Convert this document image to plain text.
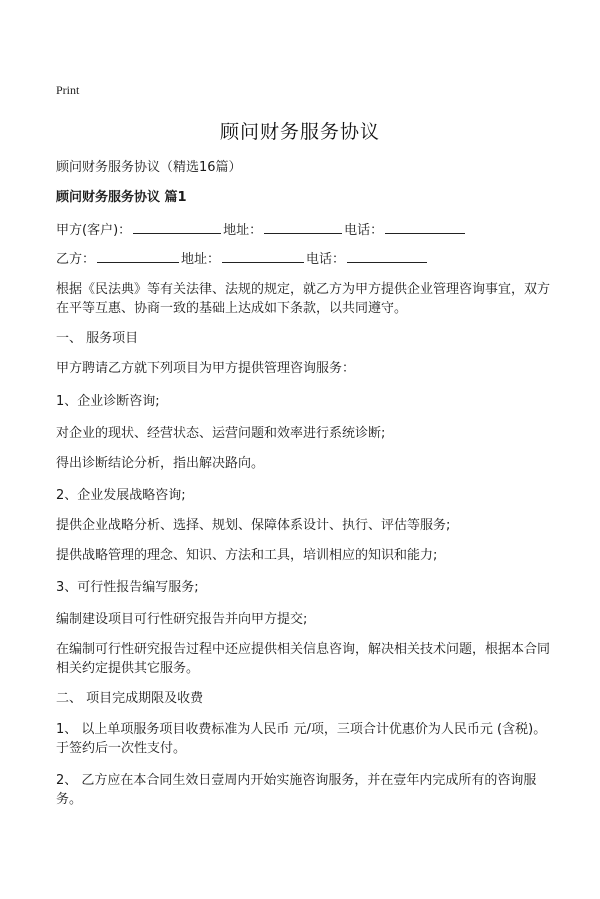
Print
顾问财务服务协议
顾问财务服务协议（精选16篇）
顾问财务服务协议 篇1
甲方(客户)：	地址：	电话：
乙方：	地址：	电话：
根据《民法典》等有关法律、法规的规定，就乙方为甲方提供企业管理咨询事宜，双方在平等互惠、协商一致的基础上达成如下条款，以共同遵守。
一、 服务项目
甲方聘请乙方就下列项目为甲方提供管理咨询服务：
1、企业诊断咨询;
对企业的现状、经营状态、运营问题和效率进行系统诊断;
得出诊断结论分析，指出解决路向。
2、企业发展战略咨询;
提供企业战略分析、选择、规划、保障体系设计、执行、评估等服务;
提供战略管理的理念、知识、方法和工具，培训相应的知识和能力;
3、可行性报告编写服务;
编制建设项目可行性研究报告并向甲方提交;
在编制可行性研究报告过程中还应提供相关信息咨询，解决相关技术问题，根据本合同相关约定提供其它服务。
二、 项目完成期限及收费
1、 以上单项服务项目收费标准为人民币 元/项，三项合计优惠价为人民币元 (含税)。于签约后一次性支付。
2、 乙方应在本合同生效日壹周内开始实施咨询服务，并在壹年内完成所有的咨询服务。
